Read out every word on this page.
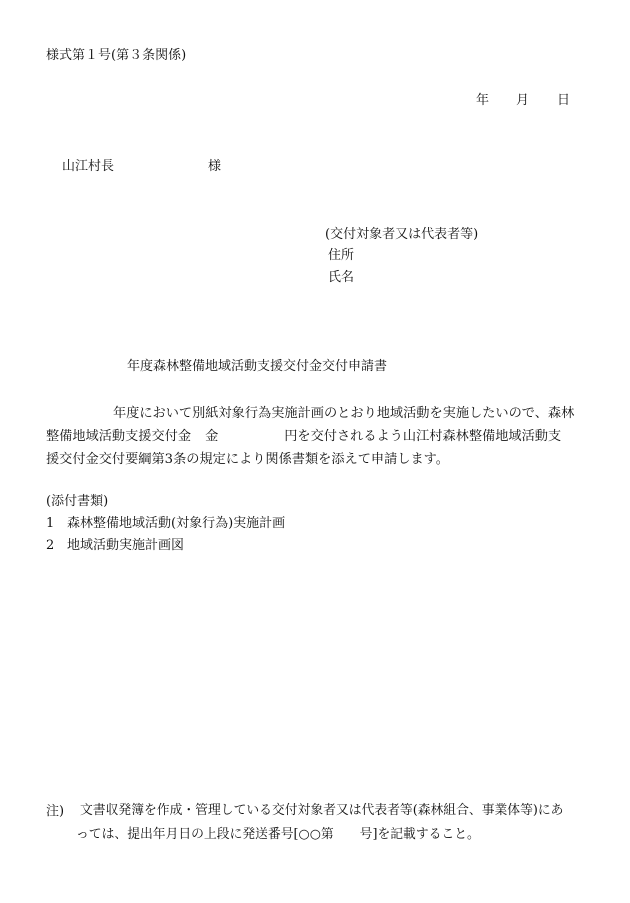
様式第１号(第３条関係)
年 月 日
山江村長	様
(交付対象者又は代表者等)
住所
氏名
年度森林整備地域活動支援交付金交付申請書
年度において別紙対象行為実施計画のとおり地域活動を実施したいので、森林
整備地域活動支援交付金 金	円を交付されるよう山江村森林整備地域活動支
援交付金交付要綱第3条の規定により関係書類を添えて申請します。
(添付書類)
1 森林整備地域活動(対象行為)実施計画
2 地域活動実施計画図
注) 文書収発簿を作成・管理している交付対象者又は代表者等(森林組合、事業体等)にあ
っては、提出年月日の上段に発送番号[○○第 号]を記載すること。
